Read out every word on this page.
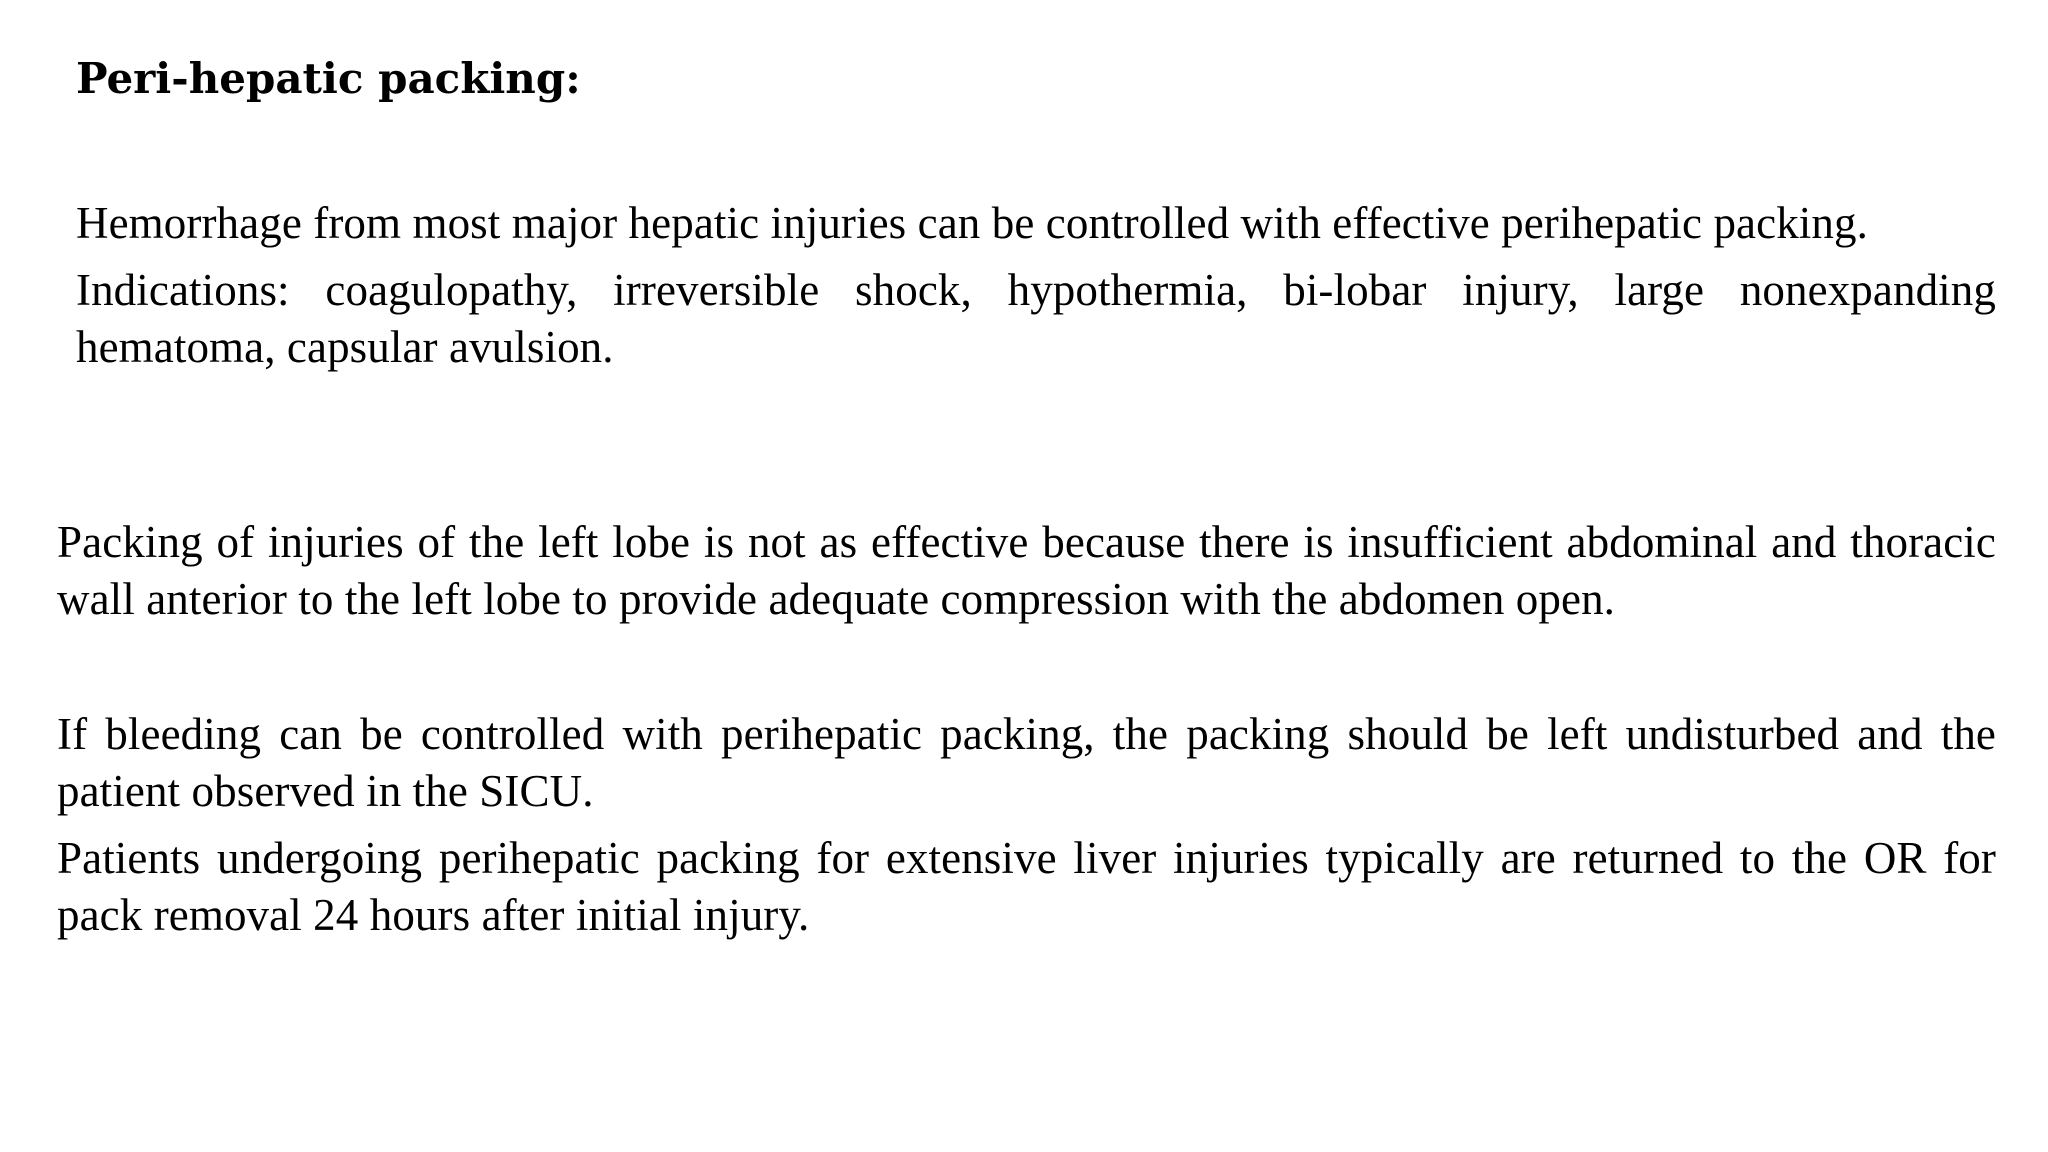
Peri-hepatic packing:

Hemorrhage from most major hepatic injuries can be controlled with effective perihepatic packing.

Indications: coagulopathy, irreversible shock, hypothermia, bi-lobar injury, large nonexpanding hematoma, capsular avulsion.

Packing of injuries of the left lobe is not as effective because there is insufficient abdominal and thoracic wall anterior to the left lobe to provide adequate compression with the abdomen open.

If bleeding can be controlled with perihepatic packing, the packing should be left undisturbed and the patient observed in the SICU.

Patients undergoing perihepatic packing for extensive liver injuries typically are returned to the OR for pack removal 24 hours after initial injury.
